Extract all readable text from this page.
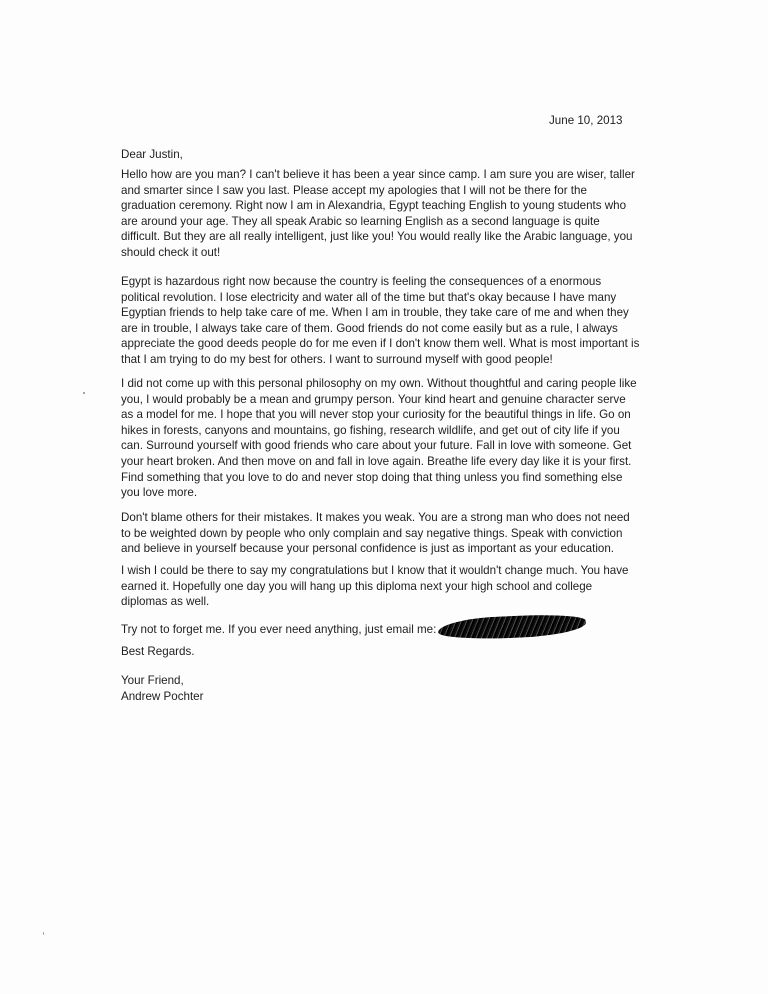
June 10, 2013
Dear Justin,

Hello how are you man? I can't believe it has been a year since camp. I am sure you are wiser, taller and smarter since I saw you last. Please accept my apologies that I will not be there for the graduation ceremony. Right now I am in Alexandria, Egypt teaching English to young students who are around your age. They all speak Arabic so learning English as a second language is quite difficult. But they are all really intelligent, just like you! You would really like the Arabic language, you should check it out!

Egypt is hazardous right now because the country is feeling the consequences of a enormous political revolution. I lose electricity and water all of the time but that's okay because I have many Egyptian friends to help take care of me. When I am in trouble, they take care of me and when they are in trouble, I always take care of them. Good friends do not come easily but as a rule, I always appreciate the good deeds people do for me even if I don't know them well. What is most important is that I am trying to do my best for others. I want to surround myself with good people!

I did not come up with this personal philosophy on my own. Without thoughtful and caring people like you, I would probably be a mean and grumpy person. Your kind heart and genuine character serve as a model for me. I hope that you will never stop your curiosity for the beautiful things in life. Go on hikes in forests, canyons and mountains, go fishing, research wildlife, and get out of city life if you can. Surround yourself with good friends who care about your future. Fall in love with someone. Get your heart broken. And then move on and fall in love again. Breathe life every day like it is your first. Find something that you love to do and never stop doing that thing unless you find something else you love more.

Don't blame others for their mistakes. It makes you weak. You are a strong man who does not need to be weighted down by people who only complain and say negative things. Speak with conviction and believe in yourself because your personal confidence is just as important as your education.

I wish I could be there to say my congratulations but I know that it wouldn't change much. You have earned it. Hopefully one day you will hang up this diploma next your high school and college diplomas as well.

Try not to forget me. If you ever need anything, just email me:
Best Regards.
Your Friend,
Andrew Pochter
